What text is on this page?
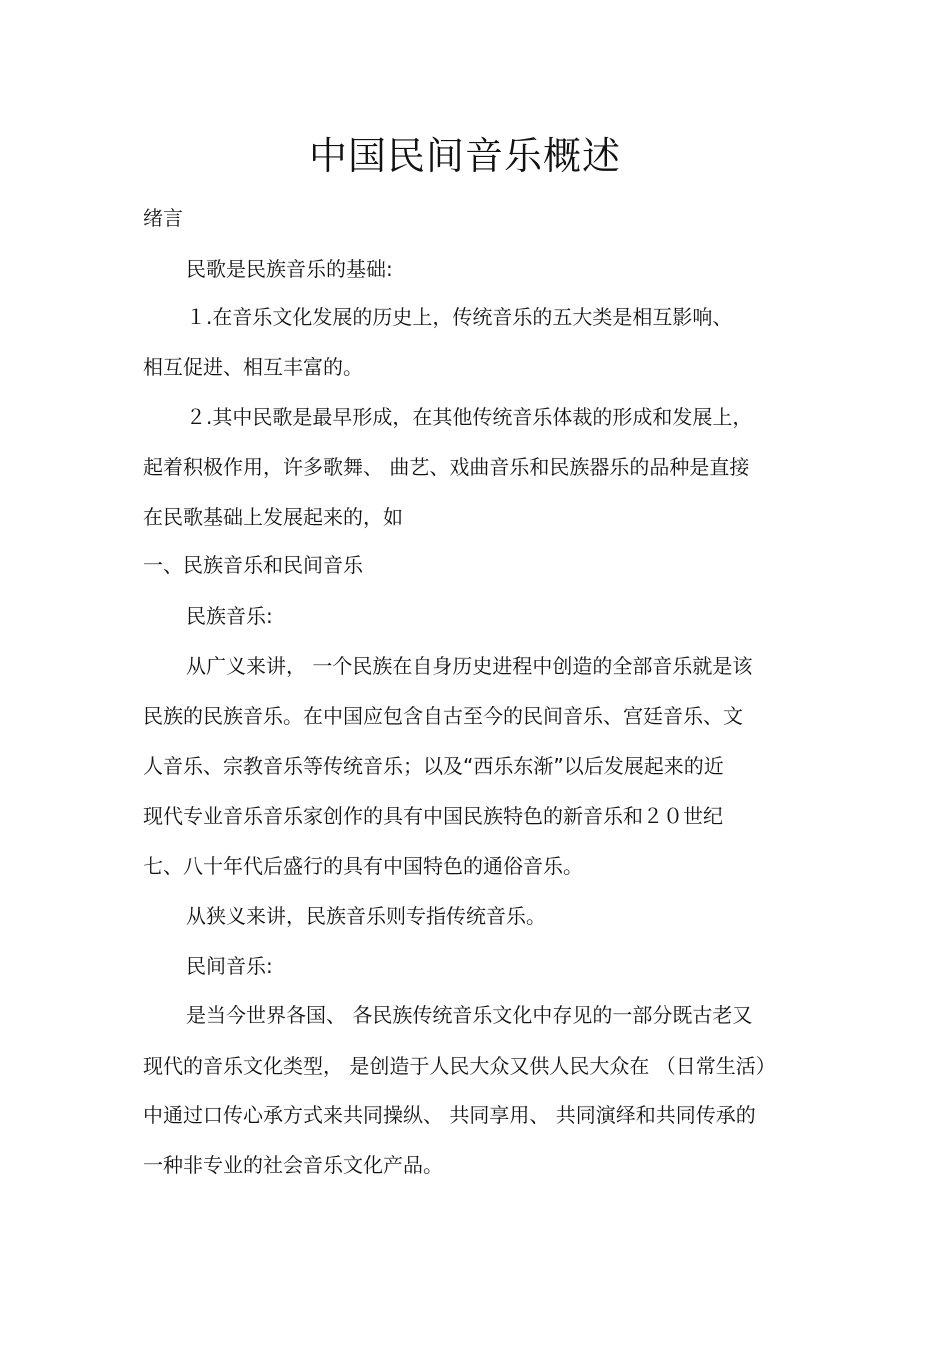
中国民间音乐概述
绪言
民歌是民族音乐的基础:
１.在音乐文化发展的历史上，传统音乐的五大类是相互影响、
相互促进、相互丰富的。
２.其中民歌是最早形成，在其他传统音乐体裁的形成和发展上，
起着积极作用，许多歌舞、 曲艺、戏曲音乐和民族器乐的品种是直接
在民歌基础上发展起来的，如
一、民族音乐和民间音乐
民族音乐:
从广义来讲， 一个民族在自身历史进程中创造的全部音乐就是该
民族的民族音乐。在中国应包含自古至今的民间音乐、宫廷音乐、文
人音乐、宗教音乐等传统音乐；以及“西乐东渐”以后发展起来的近
现代专业音乐音乐家创作的具有中国民族特色的新音乐和２０世纪
七、八十年代后盛行的具有中国特色的通俗音乐。
从狭义来讲，民族音乐则专指传统音乐。
民间音乐:
是当今世界各国、 各民族传统音乐文化中存见的一部分既古老又
现代的音乐文化类型， 是创造于人民大众又供人民大众在 （日常生活）
中通过口传心承方式来共同操纵、 共同享用、 共同演绎和共同传承的
一种非专业的社会音乐文化产品。
